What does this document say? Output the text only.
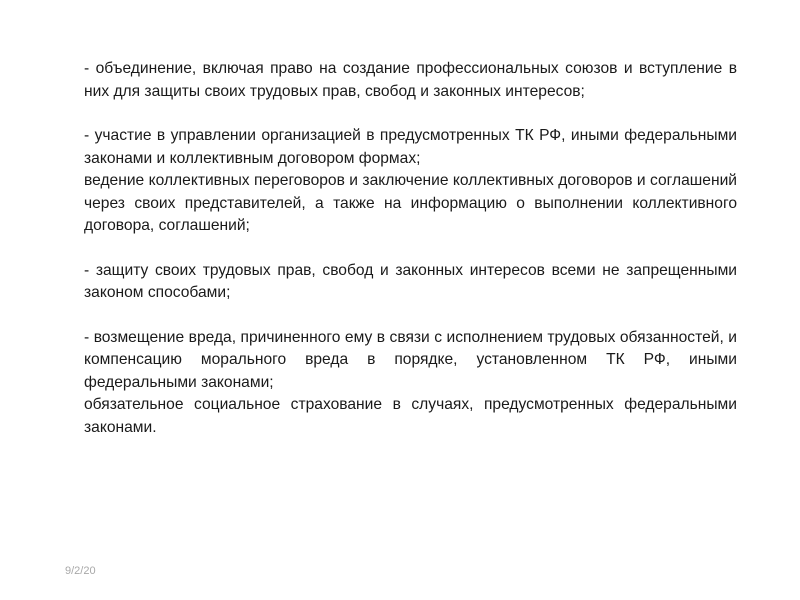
- объединение, включая право на создание профессиональных союзов и вступление в них для защиты своих трудовых прав, свобод и законных интересов;

- участие в управлении организацией в предусмотренных ТК РФ, иными федеральными законами и коллективным договором формах;

ведение коллективных переговоров и заключение коллективных договоров и соглашений через своих представителей, а также на информацию о выполнении коллективного договора, соглашений;

- защиту своих трудовых прав, свобод и законных интересов всеми не запрещенными законом способами;

- возмещение вреда, причиненного ему в связи с исполнением трудовых обязанностей, и компенсацию морального вреда в порядке, установленном ТК РФ, иными федеральными законами;

обязательное социальное страхование в случаях, предусмотренных федеральными законами.

9/2/20
